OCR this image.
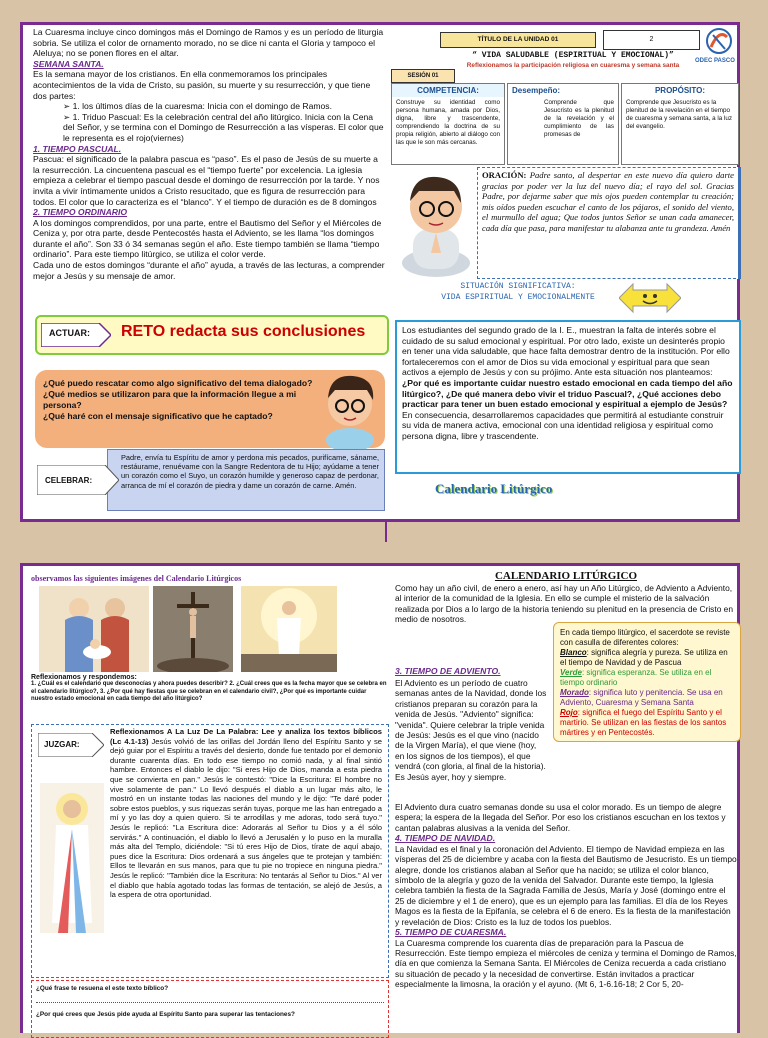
La Cuaresma incluye cinco domingos más el Domingo de Ramos y es un período de liturgia sobria. Se utiliza el color de ornamento morado, no se dice ni canta el Gloria y tampoco el Aleluya; no se ponen flores en el altar.

SEMANA SANTA.

Es la semana mayor de los cristianos. En ella conmemoramos los principales acontecimientos de la vida de Cristo, su pasión, su muerte y su resurrección, y que tiene dos partes:

➢ 1. los últimos días de la cuaresma: Inicia con el domingo de Ramos.

➢ 1. Triduo Pascual: Es la celebración central del año litúrgico. Inicia con la Cena del Señor, y se termina con el Domingo de Resurrección a las vísperas. El color que le representa es el rojo(viernes)

1. TIEMPO PASCUAL.

Pascua: el significado de la palabra pascua es “paso”. Es el paso de Jesús de su muerte a la resurrección. La cincuentena pascual es el “tiempo fuerte” por excelencia. La iglesia empieza a celebrar el tiempo pascual desde el domingo de resurrección por la tarde. Y nos invita a vivir íntimamente unidos a Cristo resucitado, que es figura de resurrección para todos. El color que lo caracteriza es el “blanco”. Y el tiempo de duración es de 8 domingos

2. TIEMPO ORDINARIO

A los domingos comprendidos, por una parte, entre el Bautismo del Señor y el Miércoles de Ceniza y, por otra parte, desde Pentecostés hasta el Adviento, se les llama “los domingos durante el año”. Son 33 ó 34 semanas según el año. Este tiempo también se llama “tiempo ordinario”. Para este tiempo litúrgico, se utiliza el color verde.

Cada uno de estos domingos “durante el año” ayuda, a través de las lecturas, a comprender mejor a Jesús y su mensaje de amor.

ACTUAR: RETO redacta sus conclusiones

¿Qué puedo rescatar como algo significativo del tema dialogado?

¿Qué medios se utilizaron para que la información llegue a mi persona?

¿Qué haré con el mensaje significativo que he captado?

CELEBRAR:

Padre, envía tu Espíritu de amor y perdona mis pecados, purifícame, sáname, restáurame, renuévame con la Sangre Redentora de tu Hijo; ayúdame a tener un corazón como el Suyo, un corazón humilde y generoso capaz de perdonar, arranca de mí el corazón de piedra y dame un corazón de carne. Amén.

TÍTULO DE LA UNIDAD 01	2
ODEC PASCO
“ VIDA SALUDABLE (ESPIRITUAL Y EMOCIONAL)”
Reflexionamos la participación religiosa en cuaresma y semana santa
SESIÓN 01
COMPETENCIA:

Construye su identidad como persona humana, amada por Dios, digna, libre y trascendente, comprendiendo la doctrina de su propia religión, abierto al diálogo con las que le son más cercanas.

Desempeño:

Comprende que Jesucristo es la plenitud de la revelación y el cumplimiento de las promesas de

PROPÓSITO:

Comprende que Jesucristo es la plenitud de la revelación en el tiempo de cuaresma y semana santa, a la luz del evangelio.

ORACIÓN: Padre santo, al despertar en este nuevo día quiero darte gracias por poder ver la luz del nuevo día; el rayo del sol. Gracias Padre, por dejarme saber que mis ojos pueden contemplar tu creación; mis oídos pueden escuchar el canto de los pájaros, el sonido del viento, el murmullo del agua; Que todos juntos Señor se unan cada amanecer, cada día que pasa, para manifestar tu alabanza ante tu grandeza. Amén

SITUACIÓN SIGNIFICATIVA:

VIDA ESPIRITUAL Y EMOCIONALMENTE

Los estudiantes del segundo grado de la I. E., muestran la falta de interés sobre el cuidado de su salud emocional y espiritual. Por otro lado, existe un desinterés propio en tener una vida saludable, que hace falta demostrar dentro de la institución. Por ello fortaleceremos con el amor de Dios su vida emocional y espiritual para que sean activos a ejemplo de Jesús y con su prójimo. Ante esta situación nos planteamos: ¿Por qué es importante cuidar nuestro estado emocional en cada tiempo del año litúrgico?, ¿De qué manera debo vivir el triduo Pascual?, ¿Qué acciones debo practicar para tener un buen estado emocional y espiritual a ejemplo de Jesús? En consecuencia, desarrollaremos capacidades que permitirá al estudiante construir su vida de manera activa, emocional con una identidad religiosa y espiritual como persona digna, libre y trascendente.

Calendario Litúrgico
observamos las siguientes imágenes del Calendario Litúrgicos

Reflexionamos y respondemos:

1. ¿Cuál es el calendario que desconocías y ahora puedes describir? 2. ¿Cuál crees que es la fecha mayor que se celebra en el calendario litúrgico?, 3. ¿Por qué hay fiestas que se celebran en el calendario civil?, ¿Por qué es importante cuidar nuestro estado emocional en cada tiempo del año litúrgico?

JUZGAR:

Reflexionamos A La Luz De La Palabra: Lee y analiza los textos bíblicos (Lc 4.1-13) Jesús volvió de las orillas del Jordán lleno del Espíritu Santo y se dejó guiar por el Espíritu a través del desierto, donde fue tentado por el demonio durante cuarenta días. En todo ese tiempo no comió nada, y al final sintió hambre. Entonces el diablo le dijo: "Si eres Hijo de Dios, manda a esta piedra que se convierta en pan." Jesús le contestó: "Dice la Escritura: El hombre no vive solamente de pan." Lo llevó después el diablo a un lugar más alto, le mostró en un instante todas las naciones del mundo y le dijo: "Te daré poder sobre estos pueblos, y sus riquezas serán tuyas, porque me las han entregado a mí y yo las doy a quien quiero. Si te arrodillas y me adoras, todo será tuyo." Jesús le replicó: "La Escritura dice: Adorarás al Señor tu Dios y a él sólo servirás." A continuación, el diablo lo llevó a Jerusalén y lo puso en la muralla más alta del Templo, diciéndole: "Si tú eres Hijo de Dios, tírate de aquí abajo, pues dice la Escritura: Dios ordenará a sus ángeles que te protejan y también: Ellos te llevarán en sus manos, para que tu pie no tropiece en ninguna piedra." Jesús le replicó: "También dice la Escritura: No tentarás al Señor tu Dios." Al ver el diablo que había agotado todas las formas de tentación, se alejó de Jesús, a la espera de otra oportunidad.

¿Qué frase te resuena el este texto bíblico?

¿Por qué crees que Jesús pide ayuda al Espíritu Santo para superar las tentaciones?

CALENDARIO LITÚRGICO

Como hay un año civil, de enero a enero, así hay un Año Litúrgico, de Adviento a Adviento, al interior de la comunidad de la Iglesia. En ello se cumple el misterio de la salvación realizada por Dios a lo largo de la historia teniendo su plenitud en la presencia de Cristo en medio de nosotros.

En cada tiempo litúrgico, el sacerdote se reviste con casulla de diferentes colores:
Blanco: significa alegría y pureza. Se utiliza en el tiempo de Navidad y de Pascua
Verde: significa esperanza. Se utiliza en el tiempo ordinario
Morado: significa luto y penitencia. Se usa en Adviento, Cuaresma y Semana Santa
Rojo: significa el fuego del Espíritu Santo y el martirio. Se utilizan en las fiestas de los santos mártires y en Pentecostés.

3. TIEMPO DE ADVIENTO.

El Adviento es un período de cuatro semanas antes de la Navidad, donde los cristianos preparan su corazón para la venida de Jesús. "Adviento" significa: "venida". Quiere celebrar la triple venida de Jesús: Jesús es el que vino (nacido de la Virgen María), el que viene (hoy, en los signos de los tiempos), el que vendrá (con gloria, al final de la historia). Es Jesús ayer, hoy y siempre.

El Adviento dura cuatro semanas donde su usa el color morado. Es un tiempo de alegre espera; la espera de la llegada del Señor. Por eso los cristianos escuchan en los textos y cantan palabras alusivas a la venida del Señor.

4. TIEMPO DE NAVIDAD.

La Navidad es el final y la coronación del Adviento. El tiempo de Navidad empieza en las vísperas del 25 de diciembre y acaba con la fiesta del Bautismo de Jesucristo. Es un tiempo alegre, donde los cristianos alaban al Señor que ha nacido; se utiliza el color blanco, símbolo de la alegría y gozo de la venida del Salvador. Durante este tiempo, la Iglesia celebra también la fiesta de la Sagrada Familia de Jesús, María y José (domingo entre el 25 de diciembre y el 1 de enero), que es un ejemplo para las familias. El día de los Reyes Magos es la fiesta de la Epifanía, se celebra el 6 de enero. Es la fiesta de la manifestación y revelación de Dios: Cristo es la luz de todos los pueblos.

5. TIEMPO DE CUARESMA.

La Cuaresma comprende los cuarenta días de preparación para la Pascua de Resurrección. Este tiempo empieza el miércoles de ceniza y termina el Domingo de Ramos, día en que comienza la Semana Santa. El Miércoles de Ceniza recuerda a cada cristiano su situación de pecado y la necesidad de convertirse. Están invitados a practicar especialmente la limosna, la oración y el ayuno. (Mt 6, 1-6.16-18; 2 Cor 5, 20-
